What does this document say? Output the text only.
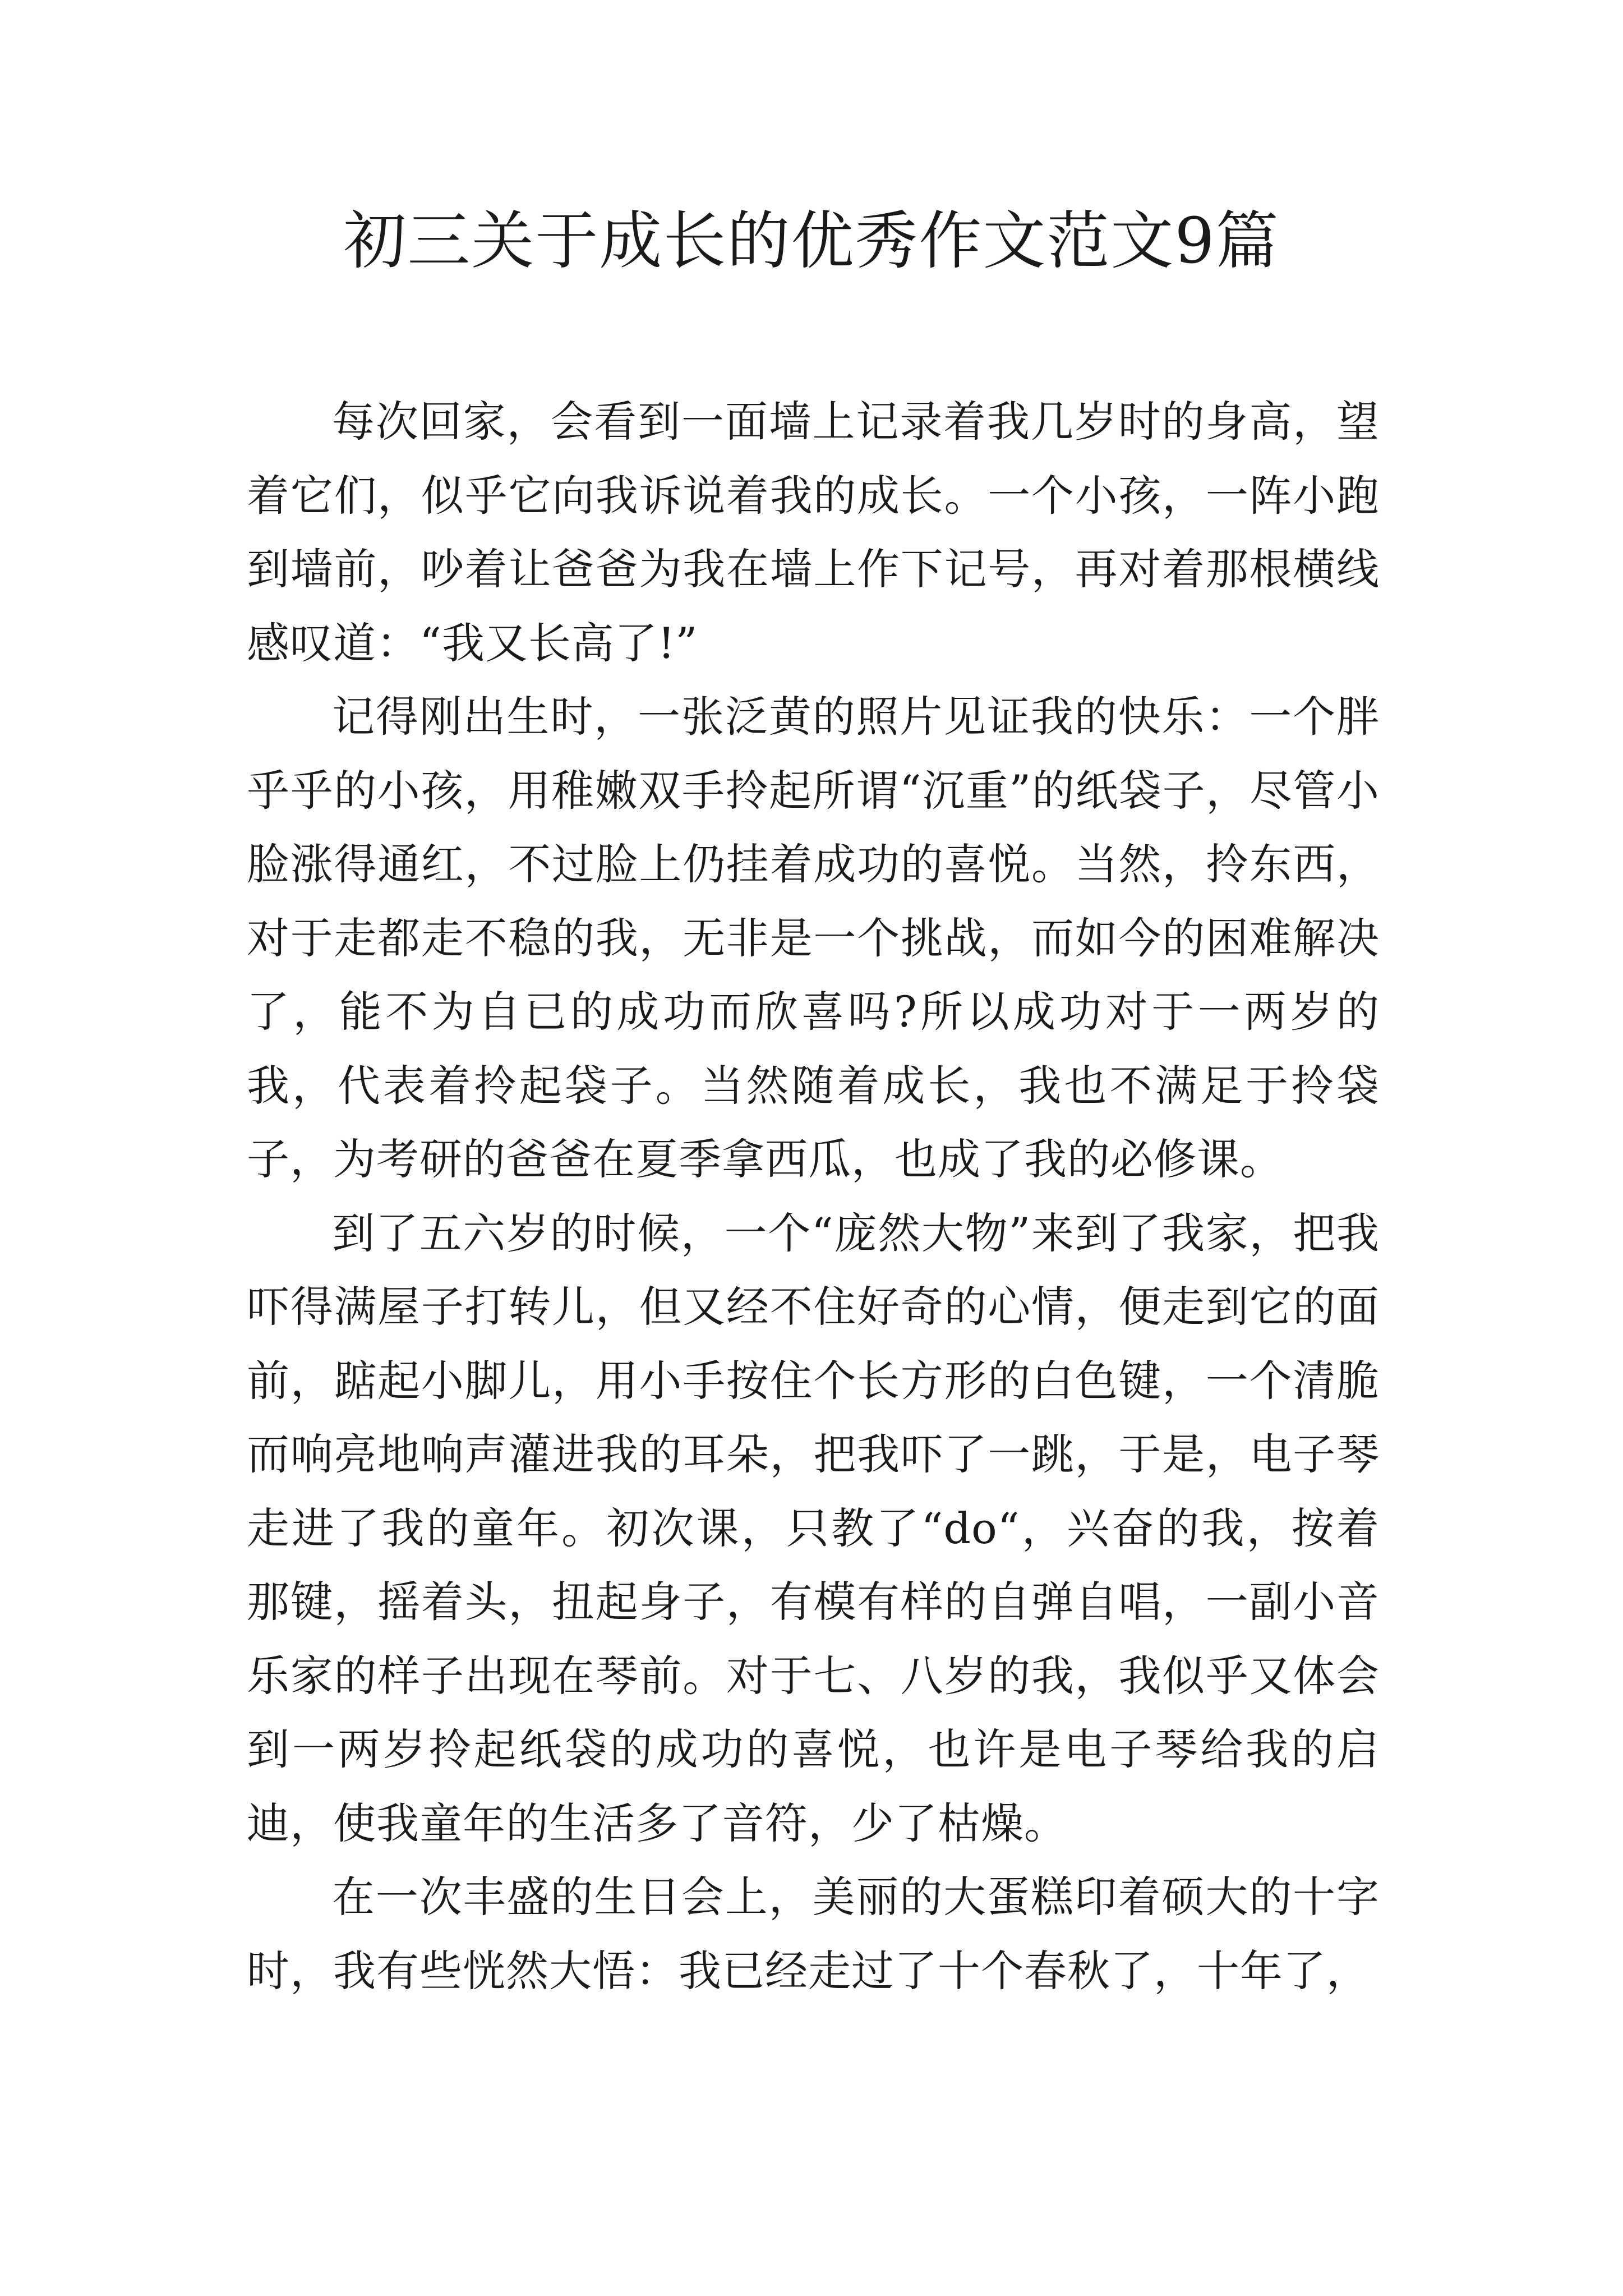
初三关于成长的优秀作文范文9篇

每次回家，会看到一面墙上记录着我几岁时的身高，望着它们，似乎它向我诉说着我的成长。一个小孩，一阵小跑到墙前，吵着让爸爸为我在墙上作下记号，再对着那根横线感叹道：“我又长高了!”

记得刚出生时，一张泛黄的照片见证我的快乐：一个胖乎乎的小孩，用稚嫩双手拎起所谓“沉重”的纸袋子，尽管小脸涨得通红，不过脸上仍挂着成功的喜悦。当然，拎东西，对于走都走不稳的我，无非是一个挑战，而如今的困难解决了，能不为自已的成功而欣喜吗?所以成功对于一两岁的我，代表着拎起袋子。当然随着成长，我也不满足于拎袋子，为考研的爸爸在夏季拿西瓜，也成了我的必修课。

到了五六岁的时候，一个“庞然大物”来到了我家，把我吓得满屋子打转儿，但又经不住好奇的心情，便走到它的面前，踮起小脚儿，用小手按住个长方形的白色键，一个清脆而响亮地响声灌进我的耳朵，把我吓了一跳，于是，电子琴走进了我的童年。初次课，只教了“do“，兴奋的我，按着那键，摇着头，扭起身子，有模有样的自弹自唱，一副小音乐家的样子出现在琴前。对于七、八岁的我，我似乎又体会到一两岁拎起纸袋的成功的喜悦，也许是电子琴给我的启迪，使我童年的生活多了音符，少了枯燥。

在一次丰盛的生日会上，美丽的大蛋糕印着硕大的十字时，我有些恍然大悟：我已经走过了十个春秋了，十年了，
